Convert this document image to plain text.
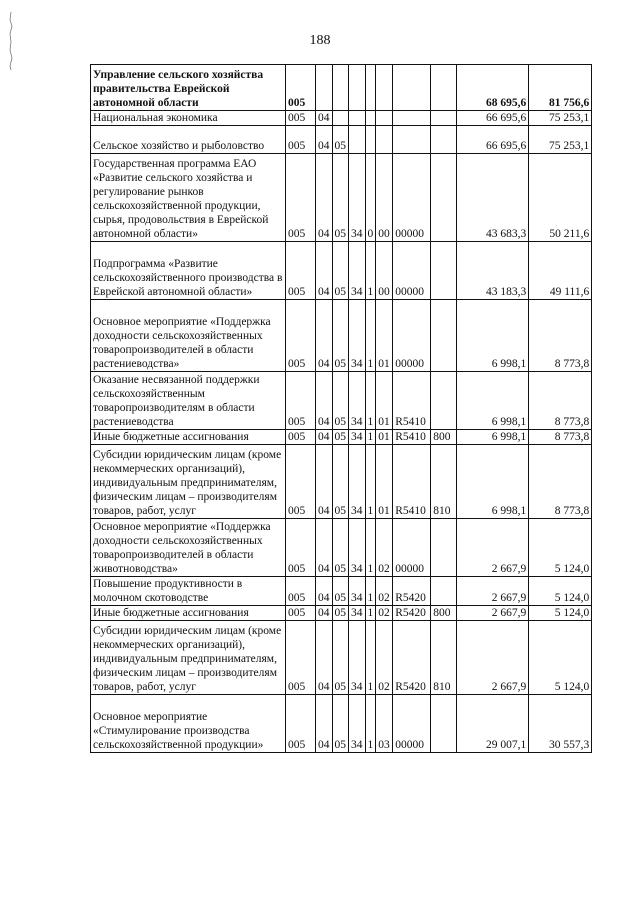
188
Управление сельского хозяйства правительства Еврейской автономной области	005								68 695,6	81 756,6
Национальная экономика	005	04							66 695,6	75 253,1
Сельское хозяйство и рыболовство	005	04	05						66 695,6	75 253,1
Государственная программа ЕАО «Развитие сельского хозяйства и регулирование рынков сельскохозяйственной продукции, сырья, продовольствия в Еврейской автономной области»	005	04	05	34	0	00	00000		43 683,3	50 211,6
Подпрограмма «Развитие сельскохозяйственного производства в Еврейской автономной области»	005	04	05	34	1	00	00000		43 183,3	49 111,6
Основное мероприятие «Поддержка доходности сельскохозяйственных товаропроизводителей в области растениеводства»	005	04	05	34	1	01	00000		6 998,1	8 773,8
Оказание несвязанной поддержки сельскохозяйственным товаропроизводителям в области растениеводства	005	04	05	34	1	01	R5410		6 998,1	8 773,8
Иные бюджетные ассигнования	005	04	05	34	1	01	R5410	800	6 998,1	8 773,8
Субсидии юридическим лицам (кроме некоммерческих организаций), индивидуальным предпринимателям, физическим лицам – производителям товаров, работ, услуг	005	04	05	34	1	01	R5410	810	6 998,1	8 773,8
Основное мероприятие «Поддержка доходности сельскохозяйственных товаропроизводителей в области животноводства»	005	04	05	34	1	02	00000		2 667,9	5 124,0
Повышение продуктивности в молочном скотоводстве	005	04	05	34	1	02	R5420		2 667,9	5 124,0
Иные бюджетные ассигнования	005	04	05	34	1	02	R5420	800	2 667,9	5 124,0
Субсидии юридическим лицам (кроме некоммерческих организаций), индивидуальным предпринимателям, физическим лицам – производителям товаров, работ, услуг	005	04	05	34	1	02	R5420	810	2 667,9	5 124,0
Основное мероприятие «Стимулирование производства сельскохозяйственной продукции»	005	04	05	34	1	03	00000		29 007,1	30 557,3
